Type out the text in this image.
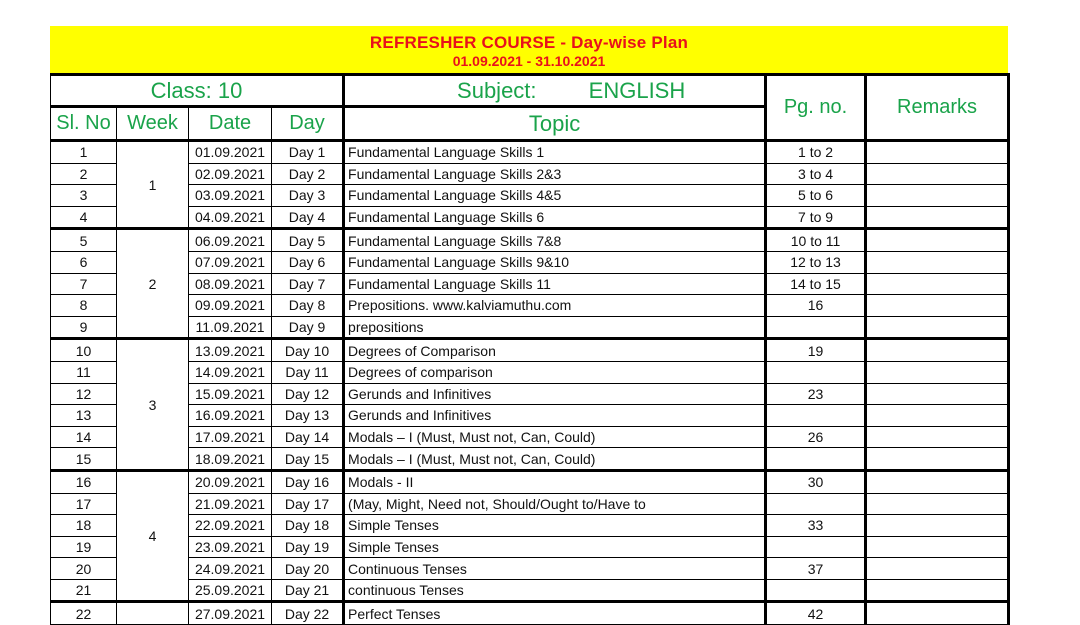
REFRESHER COURSE - Day-wise Plan
01.09.2021 - 31.10.2021
Class: 10				Subject: ENGLISH	Pg. no.	Remarks
Sl. No	Week	Date	Day	Topic		
1	1	01.09.2021	Day 1	Fundamental Language Skills 1	1 to 2	
2		02.09.2021	Day 2	Fundamental Language Skills 2&3	3 to 4	
3		03.09.2021	Day 3	Fundamental Language Skills 4&5	5 to 6	
4		04.09.2021	Day 4	Fundamental Language Skills 6	7 to 9	
5	2	06.09.2021	Day 5	Fundamental Language Skills 7&8	10 to 11	
6		07.09.2021	Day 6	Fundamental Language Skills 9&10	12 to 13	
7		08.09.2021	Day 7	Fundamental Language Skills 11	14 to 15	
8		09.09.2021	Day 8	Prepositions. www.kalviamuthu.com	16	
9		11.09.2021	Day 9	prepositions		
10	3	13.09.2021	Day 10	Degrees of Comparison	19	
11		14.09.2021	Day 11	Degrees of comparison		
12		15.09.2021	Day 12	Gerunds and Infinitives	23	
13		16.09.2021	Day 13	Gerunds and Infinitives		
14		17.09.2021	Day 14	Modals – I (Must, Must not, Can, Could)	26	
15		18.09.2021	Day 15	Modals – I (Must, Must not, Can, Could)		
16	4	20.09.2021	Day 16	Modals - II	30	
17		21.09.2021	Day 17	(May, Might, Need not, Should/Ought to/Have to		
18		22.09.2021	Day 18	Simple Tenses	33	
19		23.09.2021	Day 19	Simple Tenses		
20		24.09.2021	Day 20	Continuous Tenses	37	
21		25.09.2021	Day 21	continuous Tenses		
22		27.09.2021	Day 22	Perfect Tenses	42	
